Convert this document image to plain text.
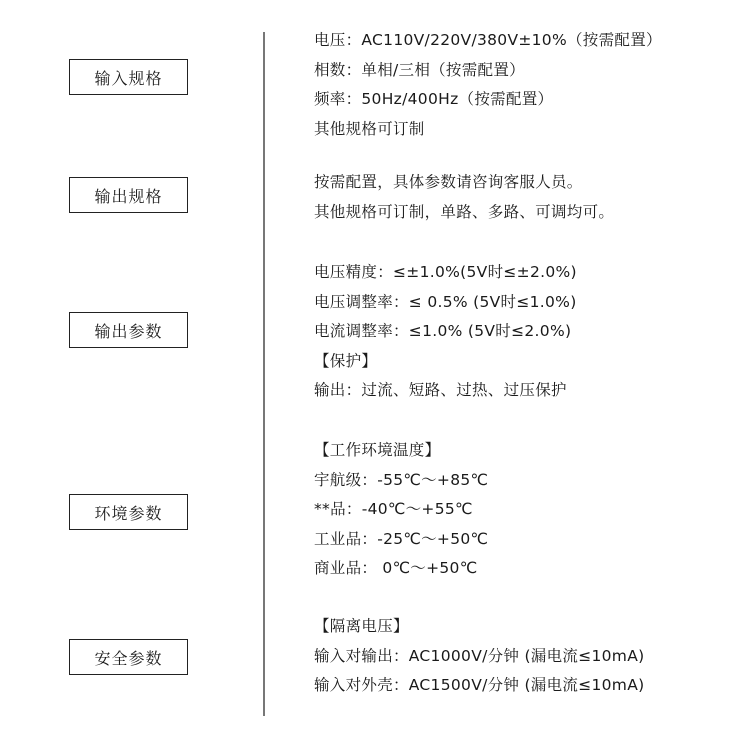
输入规格
电压：AC110V/220V/380V±10%（按需配置）
相数：单相/三相（按需配置）
频率：50Hz/400Hz（按需配置）
其他规格可订制
输出规格
按需配置，具体参数请咨询客服人员。
其他规格可订制，单路、多路、可调均可。
输出参数
电压精度：≤±1.0%(5V时≤±2.0%)
电压调整率：≤ 0.5% (5V时≤1.0%)
电流调整率：≤1.0% (5V时≤2.0%)
【保护】
输出：过流、短路、过热、过压保护
环境参数
【工作环境温度】
宇航级：-55℃～+85℃
**品：-40℃～+55℃
工业品：-25℃～+50℃
商业品： 0℃～+50℃
安全参数
【隔离电压】
输入对输出：AC1000V/分钟 (漏电流≤10mA)
输入对外壳：AC1500V/分钟 (漏电流≤10mA)
